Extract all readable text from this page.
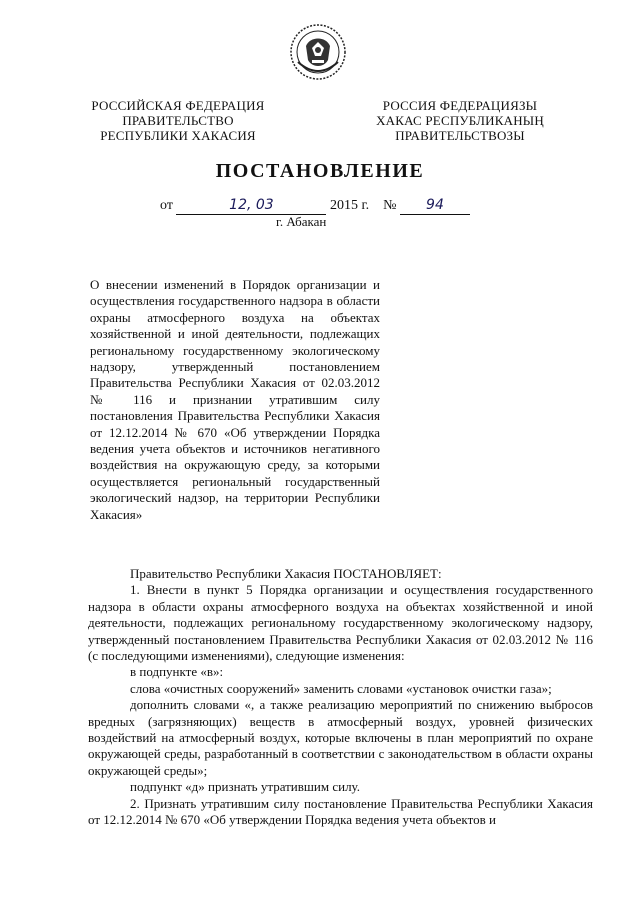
РОССИЙСКАЯ ФЕДЕРАЦИЯ
ПРАВИТЕЛЬСТВО
РЕСПУБЛИКИ ХАКАСИЯ
РОССИЯ ФЕДЕРАЦИЯЗЫ
ХАКАС РЕСПУБЛИКАНЫҢ
ПРАВИТЕЛЬСТВОЗЫ
ПОСТАНОВЛЕНИЕ
от	12, 03	2015 г. № 94
г. Абакан

О внесении изменений в Порядок организации и осуществления государственного надзора в области охраны атмосферного воздуха на объектах хозяйственной и иной деятельности, подлежащих региональному государственному экологическому надзору, утвержденный постановлением Правительства Республики Хакасия от 02.03.2012 № 116 и признании утратившим силу постановления Правительства Республики Хакасия от 12.12.2014 № 670 «Об утверждении Порядка ведения учета объектов и источников негативного воздействия на окружающую среду, за которыми осуществляется региональный государственный экологический надзор, на территории Республики Хакасия»

Правительство Республики Хакасия ПОСТАНОВЛЯЕТ:

1. Внести в пункт 5 Порядка организации и осуществления государственного надзора в области охраны атмосферного воздуха на объектах хозяйственной и иной деятельности, подлежащих региональному государственному экологическому надзору, утвержденный постановлением Правительства Республики Хакасия от 02.03.2012 № 116 (с последующими изменениями), следующие изменения:

в подпункте «в»:

слова «очистных сооружений» заменить словами «установок очистки газа»;

дополнить словами «, а также реализацию мероприятий по снижению выбросов вредных (загрязняющих) веществ в атмосферный воздух, уровней физических воздействий на атмосферный воздух, которые включены в план мероприятий по охране окружающей среды, разработанный в соответствии с законодательством в области охраны окружающей среды»;

подпункт «д» признать утратившим силу.

2. Признать утратившим силу постановление Правительства Республики Хакасия от 12.12.2014 № 670 «Об утверждении Порядка ведения учета объектов и
